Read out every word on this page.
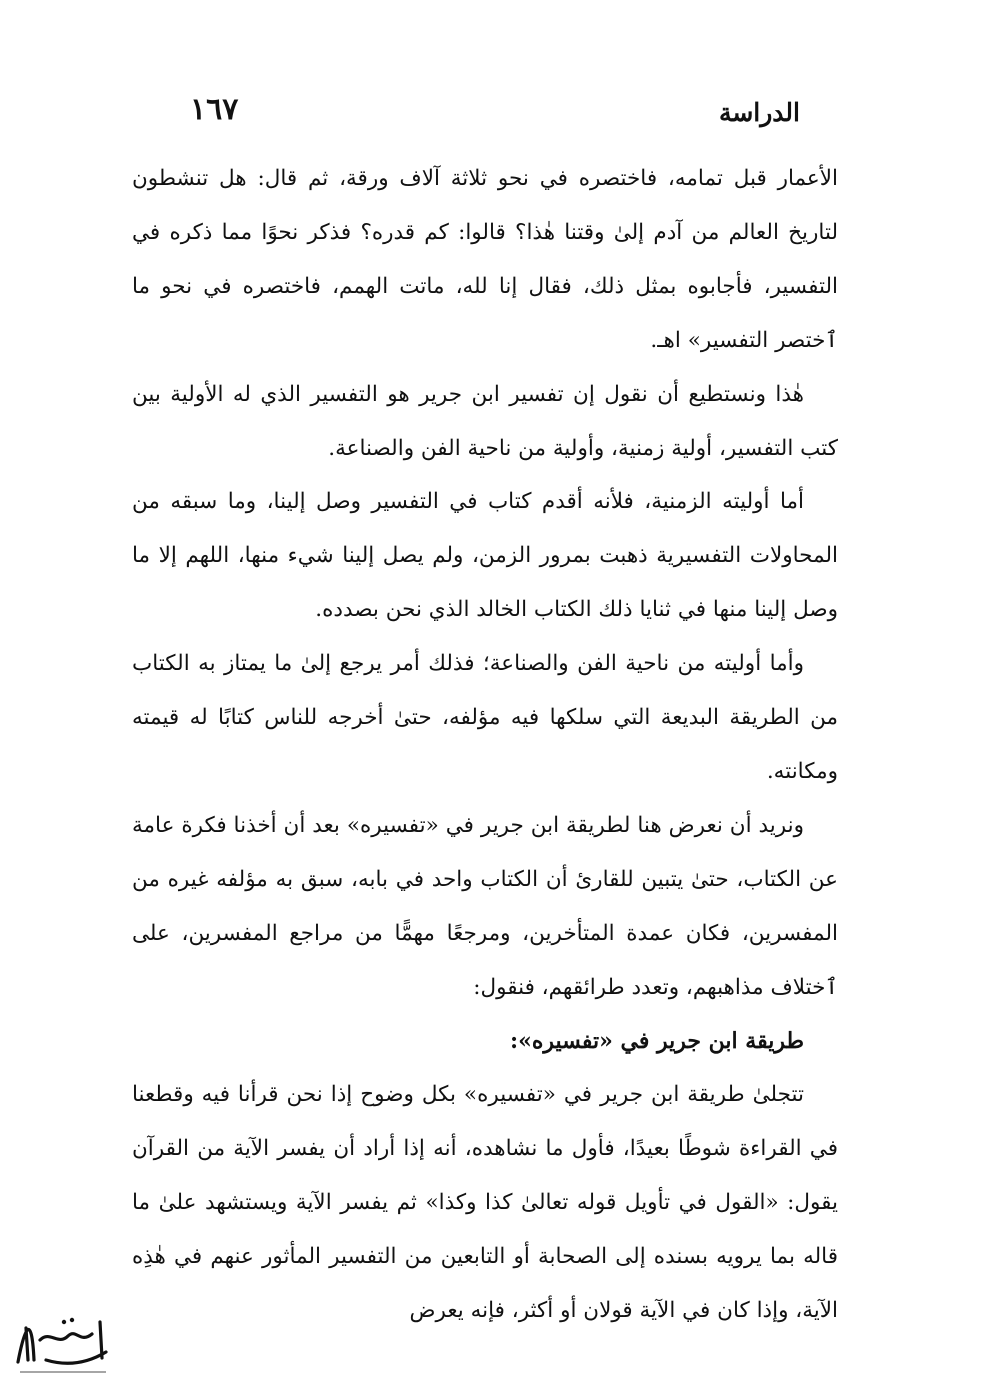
الدراسة
١٦٧

الأعمار قبل تمامه، فاختصره في نحو ثلاثة آلاف ورقة، ثم قال: هل تنشطون لتاريخ العالم من آدم إلىٰ وقتنا هٰذا؟ قالوا: كم قدره؟ فذكر نحوًا مما ذكره في التفسير، فأجابوه بمثل ذلك، فقال إنا لله، ماتت الهمم، فاختصره في نحو ما ٱختصر التفسير» اهـ.

هٰذا ونستطيع أن نقول إن تفسير ابن جرير هو التفسير الذي له الأولية بين كتب التفسير، أولية زمنية، وأولية من ناحية الفن والصناعة.

أما أوليته الزمنية، فلأنه أقدم كتاب في التفسير وصل إلينا، وما سبقه من المحاولات التفسيرية ذهبت بمرور الزمن، ولم يصل إلينا شيء منها، اللهم إلا ما وصل إلينا منها في ثنايا ذلك الكتاب الخالد الذي نحن بصدده.

وأما أوليته من ناحية الفن والصناعة؛ فذلك أمر يرجع إلىٰ ما يمتاز به الكتاب من الطريقة البديعة التي سلكها فيه مؤلفه، حتىٰ أخرجه للناس كتابًا له قيمته ومكانته.

ونريد أن نعرض هنا لطريقة ابن جرير في «تفسيره» بعد أن أخذنا فكرة عامة عن الكتاب، حتىٰ يتبين للقارئ أن الكتاب واحد في بابه، سبق به مؤلفه غيره من المفسرين، فكان عمدة المتأخرين، ومرجعًا مهمًّا من مراجع المفسرين، على ٱختلاف مذاهبهم، وتعدد طرائقهم، فنقول:

طريقة ابن جرير في «تفسيره»:

تتجلىٰ طريقة ابن جرير في «تفسيره» بكل وضوح إذا نحن قرأنا فيه وقطعنا في القراءة شوطًا بعيدًا، فأول ما نشاهده، أنه إذا أراد أن يفسر الآية من القرآن يقول: «القول في تأويل قوله تعالىٰ كذا وكذا» ثم يفسر الآية ويستشهد علىٰ ما قاله بما يرويه بسنده إلى الصحابة أو التابعين من التفسير المأثور عنهم في هٰذِه الآية، وإذا كان في الآية قولان أو أكثر، فإنه يعرض
